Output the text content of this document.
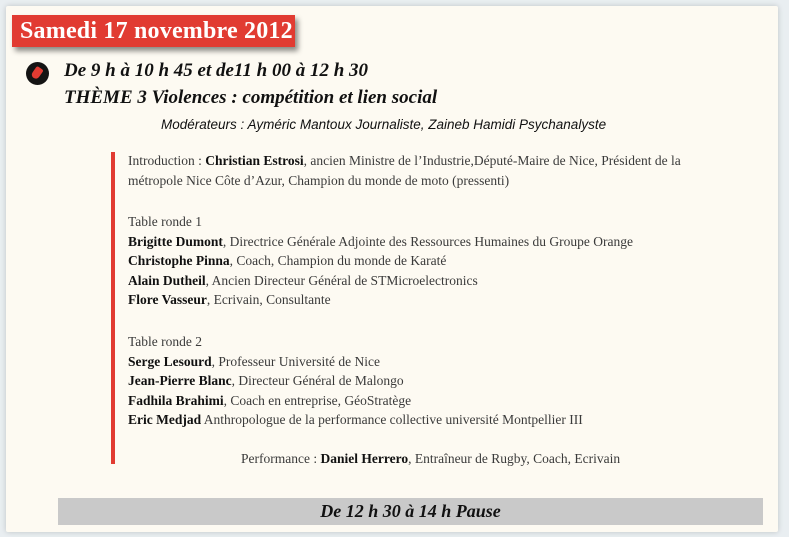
Samedi 17 novembre 2012
De 9 h à 10 h 45 et de11 h 00 à 12 h 30
THÈME 3 Violences : compétition et lien social
Modérateurs : Ayméric Mantoux Journaliste, Zaineb Hamidi Psychanalyste
Introduction : Christian Estrosi, ancien Ministre de l’Industrie,Député-Maire de Nice, Président de la
métropole Nice Côte d’Azur, Champion du monde de moto (pressenti)
Table ronde 1
Brigitte Dumont, Directrice Générale Adjointe des Ressources Humaines du Groupe Orange
Christophe Pinna, Coach, Champion du monde de Karaté
Alain Dutheil, Ancien Directeur Général de STMicroelectronics
Flore Vasseur, Ecrivain, Consultante
Table ronde 2
Serge Lesourd, Professeur Université de Nice
Jean-Pierre Blanc, Directeur Général de Malongo
Fadhila Brahimi, Coach en entreprise, GéoStratège
Eric Medjad Anthropologue de la performance collective université Montpellier III
Performance : Daniel Herrero, Entraîneur de Rugby, Coach, Ecrivain
De 12 h 30 à 14 h Pause
